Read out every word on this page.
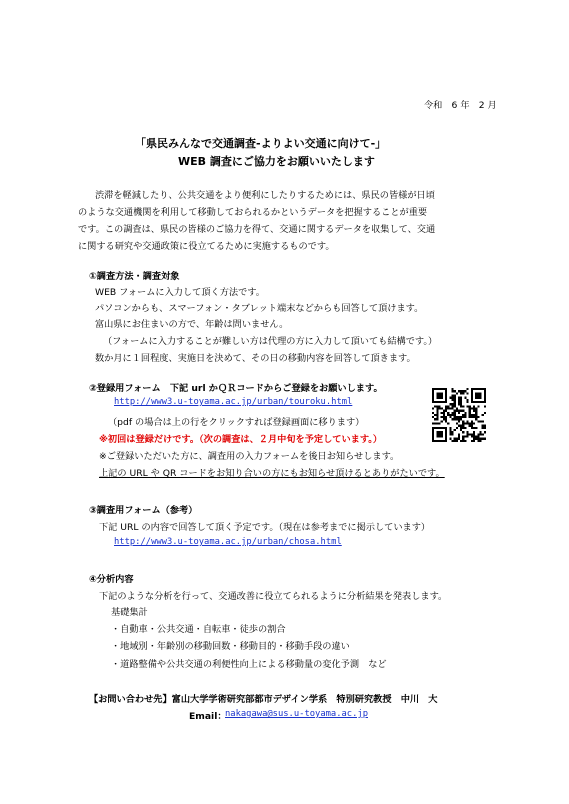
令和　6 年　2 月
「県民みんなで交通調査-よりよい交通に向けて-」
WEB 調査にご協力をお願いいたします
渋滞を軽減したり、公共交通をより便利にしたりするためには、県民の皆様が日頃
のような交通機関を利用して移動しておられるかというデータを把握することが重要
です。この調査は、県民の皆様のご協力を得て、交通に関するデータを収集して、交通
に関する研究や交通政策に役立てるために実施するものです。
①調査方法・調査対象
WEB フォームに入力して頂く方法です。
パソコンからも、スマーフォン・タブレット端末などからも回答して頂けます。
富山県にお住まいの方で、年齢は問いません。
（フォームに入力することが難しい方は代理の方に入力して頂いても結構です。）
数か月に１回程度、実施日を決めて、その日の移動内容を回答して頂きます。
②登録用フォーム　下記 url かＱＲコードからご登録をお願いします。
http://www3.u-toyama.ac.jp/urban/touroku.html
（pdf の場合は上の行をクリックすれば登録画面に移ります）
※初回は登録だけです。（次の調査は、２月中旬を予定しています。）
※ご登録いただいた方に、調査用の入力フォームを後日お知らせします。
上記の URL や QR コードをお知り合いの方にもお知らせ頂けるとありがたいです。
③調査用フォーム（参考）
下記 URL の内容で回答して頂く予定です。（現在は参考までに掲示しています）
http://www3.u-toyama.ac.jp/urban/chosa.html
④分析内容
下記のような分析を行って、交通改善に役立てられるように分析結果を発表します。
基礎集計
・自動車・公共交通・自転車・徒歩の割合
・地域別・年齢別の移動回数・移動目的・移動手段の違い
・道路整備や公共交通の利便性向上による移動量の変化予測　など
【お問い合わせ先】富山大学学術研究部都市デザイン学系　特別研究教授　中川　大
Email：
nakagawa@sus.u-toyama.ac.jp
